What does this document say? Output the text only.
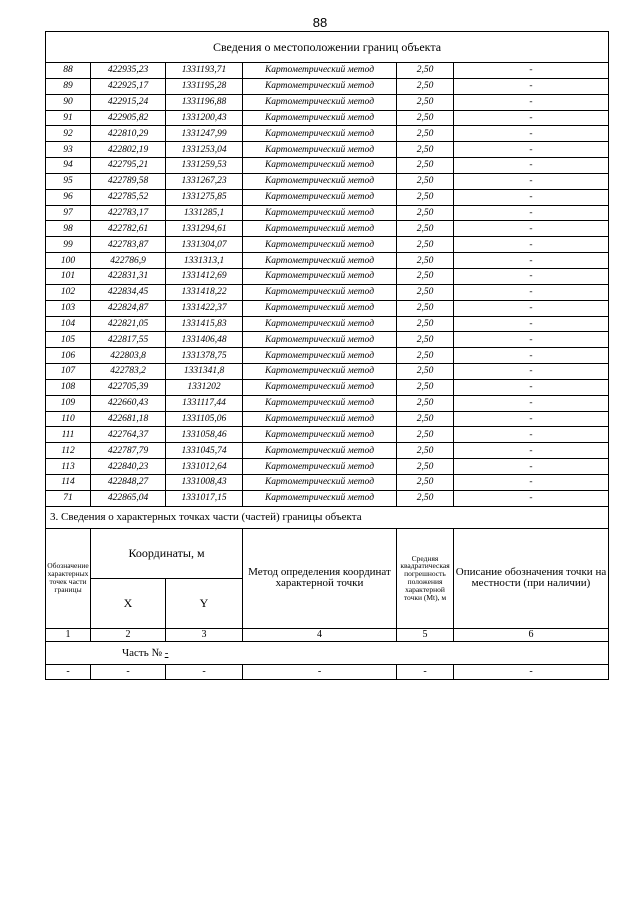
88
Сведения о местоположении границ объекта					
88	422935,23	1331193,71	Картометрический метод	2,50	-
89	422925,17	1331195,28	Картометрический метод	2,50	-
90	422915,24	1331196,88	Картометрический метод	2,50	-
91	422905,82	1331200,43	Картометрический метод	2,50	-
92	422810,29	1331247,99	Картометрический метод	2,50	-
93	422802,19	1331253,04	Картометрический метод	2,50	-
94	422795,21	1331259,53	Картометрический метод	2,50	-
95	422789,58	1331267,23	Картометрический метод	2,50	-
96	422785,52	1331275,85	Картометрический метод	2,50	-
97	422783,17	1331285,1	Картометрический метод	2,50	-
98	422782,61	1331294,61	Картометрический метод	2,50	-
99	422783,87	1331304,07	Картометрический метод	2,50	-
100	422786,9	1331313,1	Картометрический метод	2,50	-
101	422831,31	1331412,69	Картометрический метод	2,50	-
102	422834,45	1331418,22	Картометрический метод	2,50	-
103	422824,87	1331422,37	Картометрический метод	2,50	-
104	422821,05	1331415,83	Картометрический метод	2,50	-
105	422817,55	1331406,48	Картометрический метод	2,50	-
106	422803,8	1331378,75	Картометрический метод	2,50	-
107	422783,2	1331341,8	Картометрический метод	2,50	-
108	422705,39	1331202	Картометрический метод	2,50	-
109	422660,43	1331117,44	Картометрический метод	2,50	-
110	422681,18	1331105,06	Картометрический метод	2,50	-
111	422764,37	1331058,46	Картометрический метод	2,50	-
112	422787,79	1331045,74	Картометрический метод	2,50	-
113	422840,23	1331012,64	Картометрический метод	2,50	-
114	422848,27	1331008,43	Картометрический метод	2,50	-
71	422865,04	1331017,15	Картометрический метод	2,50	-
3. Сведения о характерных точках части (частей) границы объекта					
Обозначение характерных точек части границы	Координаты, м		Метод определения координат характерной точки	Средняя квадратическая погрешность положения характерной точки (Mt), м	Описание обозначения точки на местности (при наличии)
	X	Y			
1	2	3	4	5	6
Часть № -					
-	-	-	-	-	-
